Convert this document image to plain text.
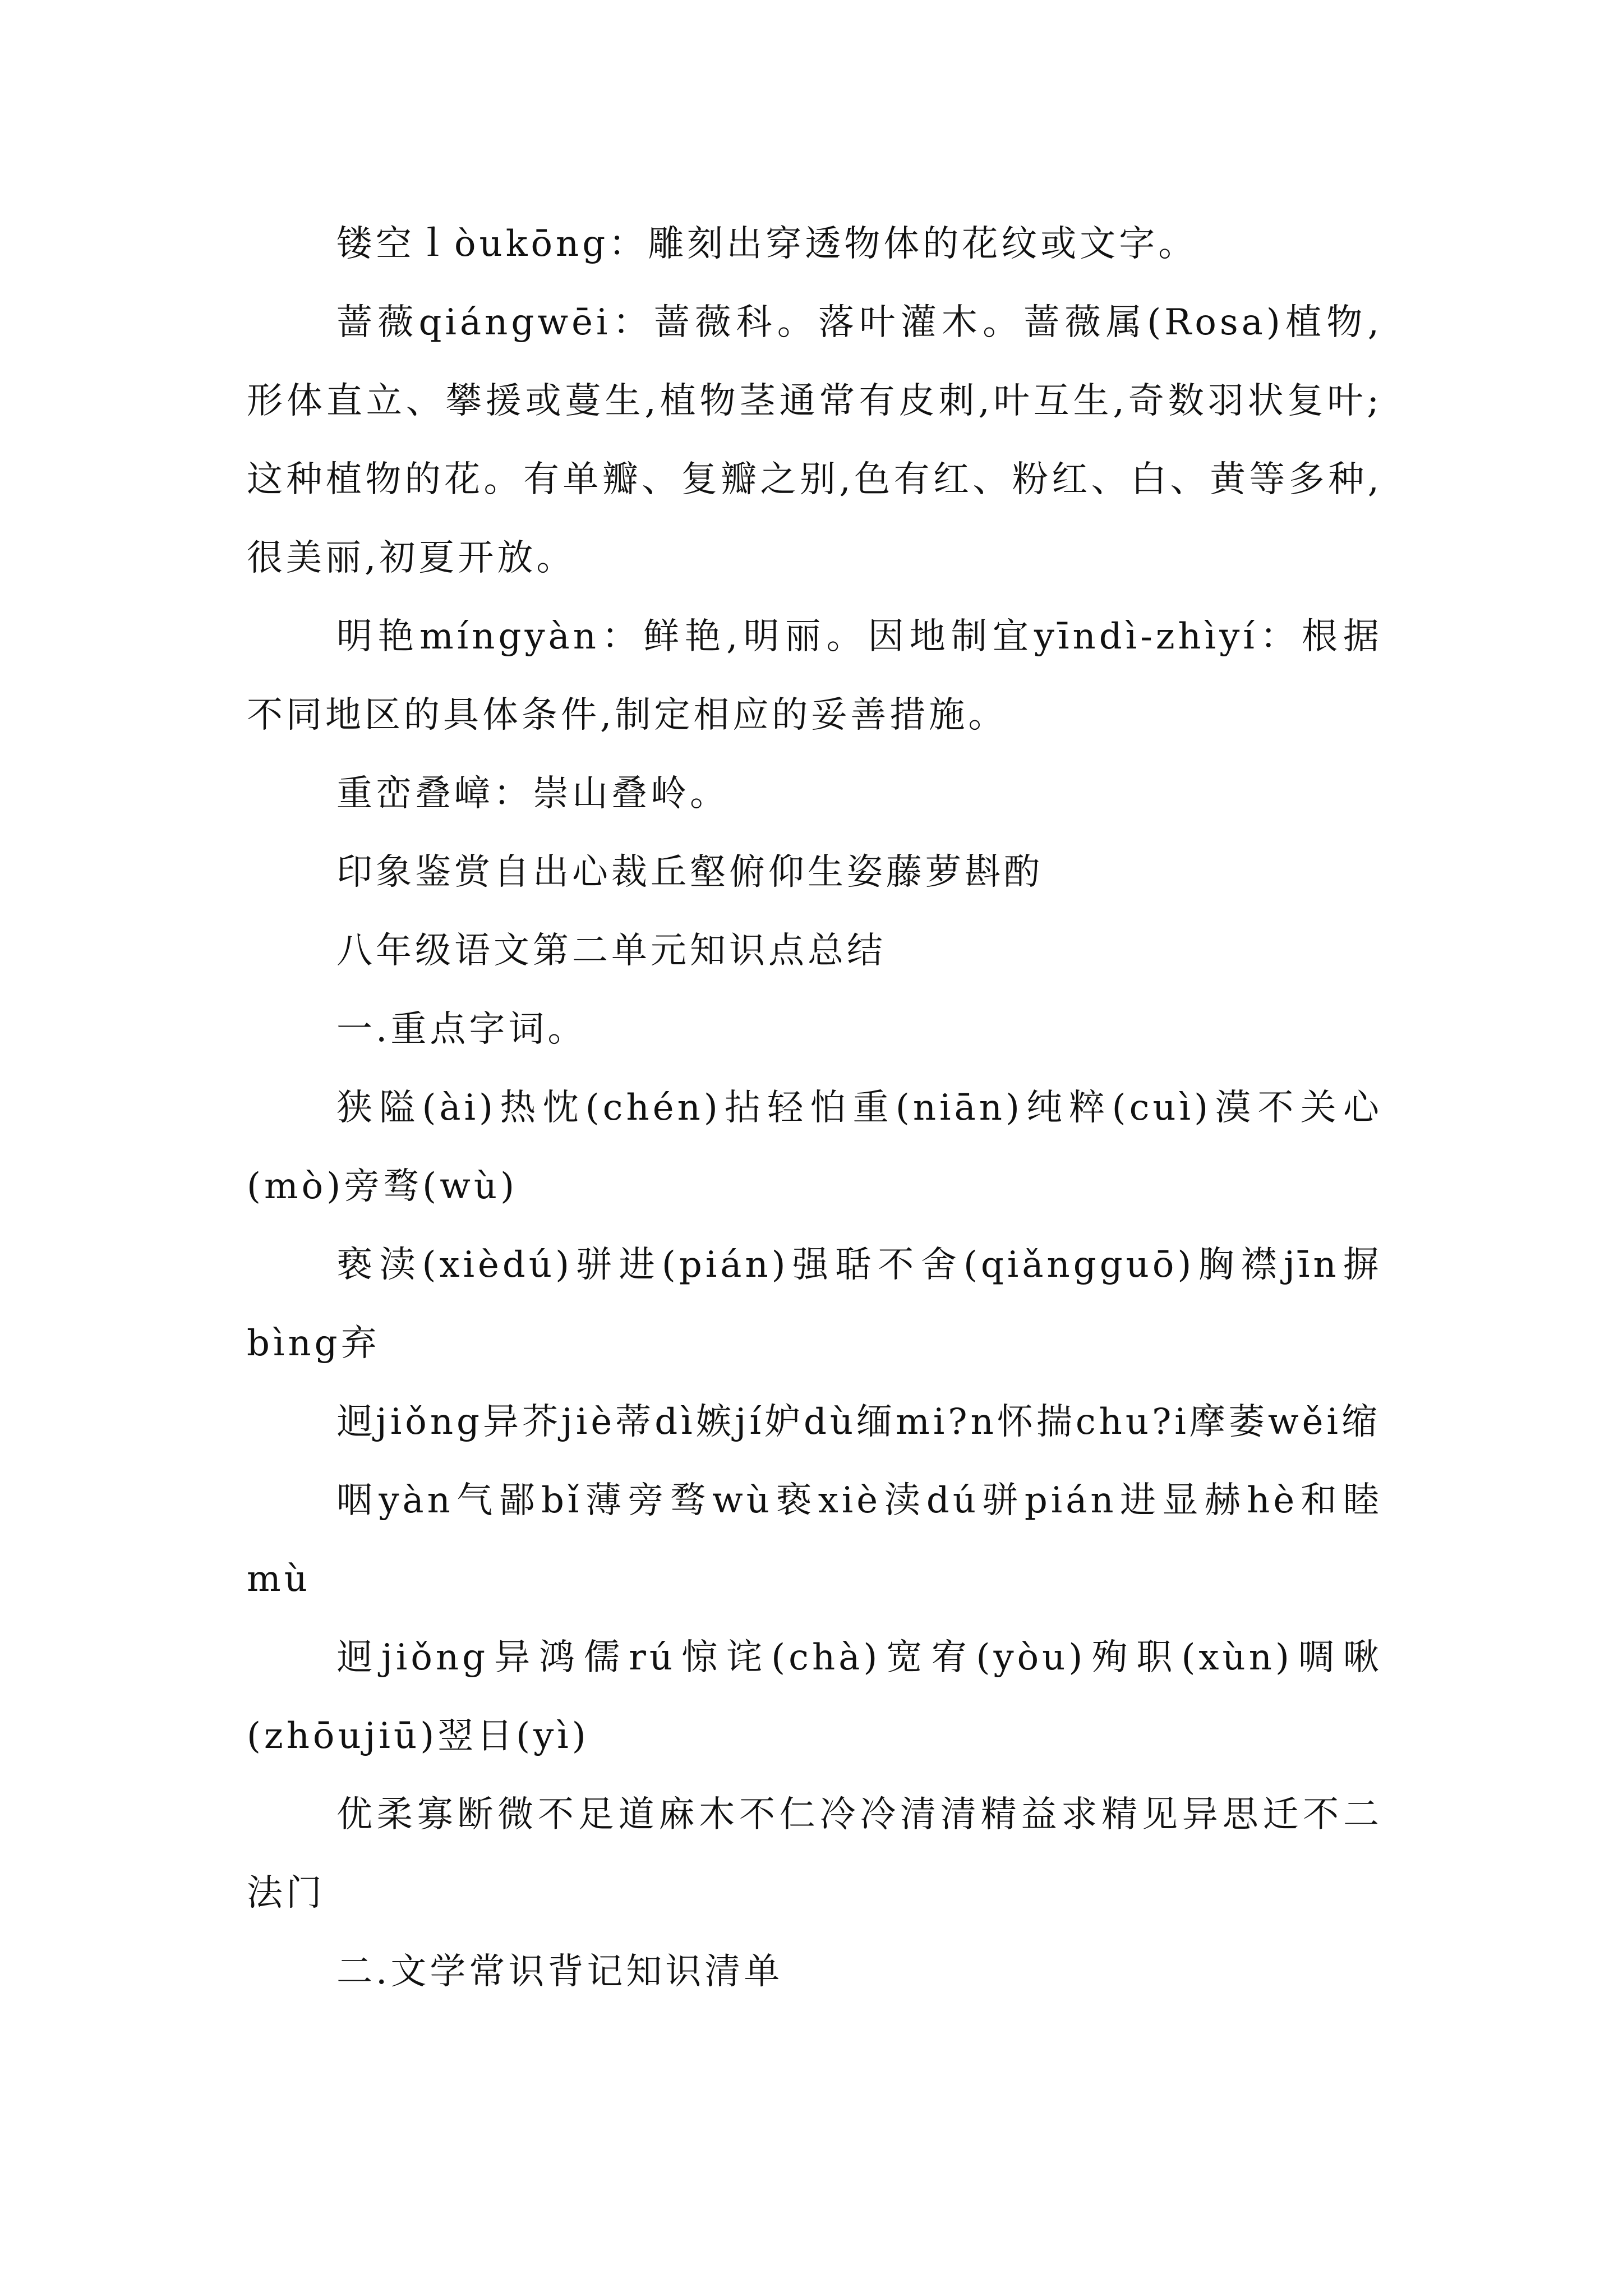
镂空ｌòukōng：雕刻出穿透物体的花纹或文字。

蔷薇qiángwēi：蔷薇科。落叶灌木。蔷薇属(Rosa)植物,形体直立、攀援或蔓生,植物茎通常有皮刺,叶互生,奇数羽状复叶;这种植物的花。有单瓣、复瓣之别,色有红、粉红、白、黄等多种,很美丽,初夏开放。

明艳míngyàn：鲜艳,明丽。因地制宜yīndì-zhìyí：根据不同地区的具体条件,制定相应的妥善措施。

重峦叠嶂：崇山叠岭。

印象鉴赏自出心裁丘壑俯仰生姿藤萝斟酌

八年级语文第二单元知识点总结

一.重点字词。

狭隘(ài)热忱(chén)拈轻怕重(niān)纯粹(cuì)漠不关心(mò)旁骛(wù)

亵渎(xièdú)骈进(pián)强聒不舍(qiǎngguō)胸襟jīn摒bìng弃

迥jiǒng异芥jiè蒂dì嫉jí妒dù缅mi?n怀揣chu?i摩萎wěi缩

咽yàn气鄙bǐ薄旁骛wù亵xiè渎dú骈pián进显赫hè和睦mù

迥jiǒng异鸿儒rú惊诧(chà)宽宥(yòu)殉职(xùn)啁啾(zhōujiū)翌日(yì)

优柔寡断微不足道麻木不仁冷冷清清精益求精见异思迁不二法门

二.文学常识背记知识清单
